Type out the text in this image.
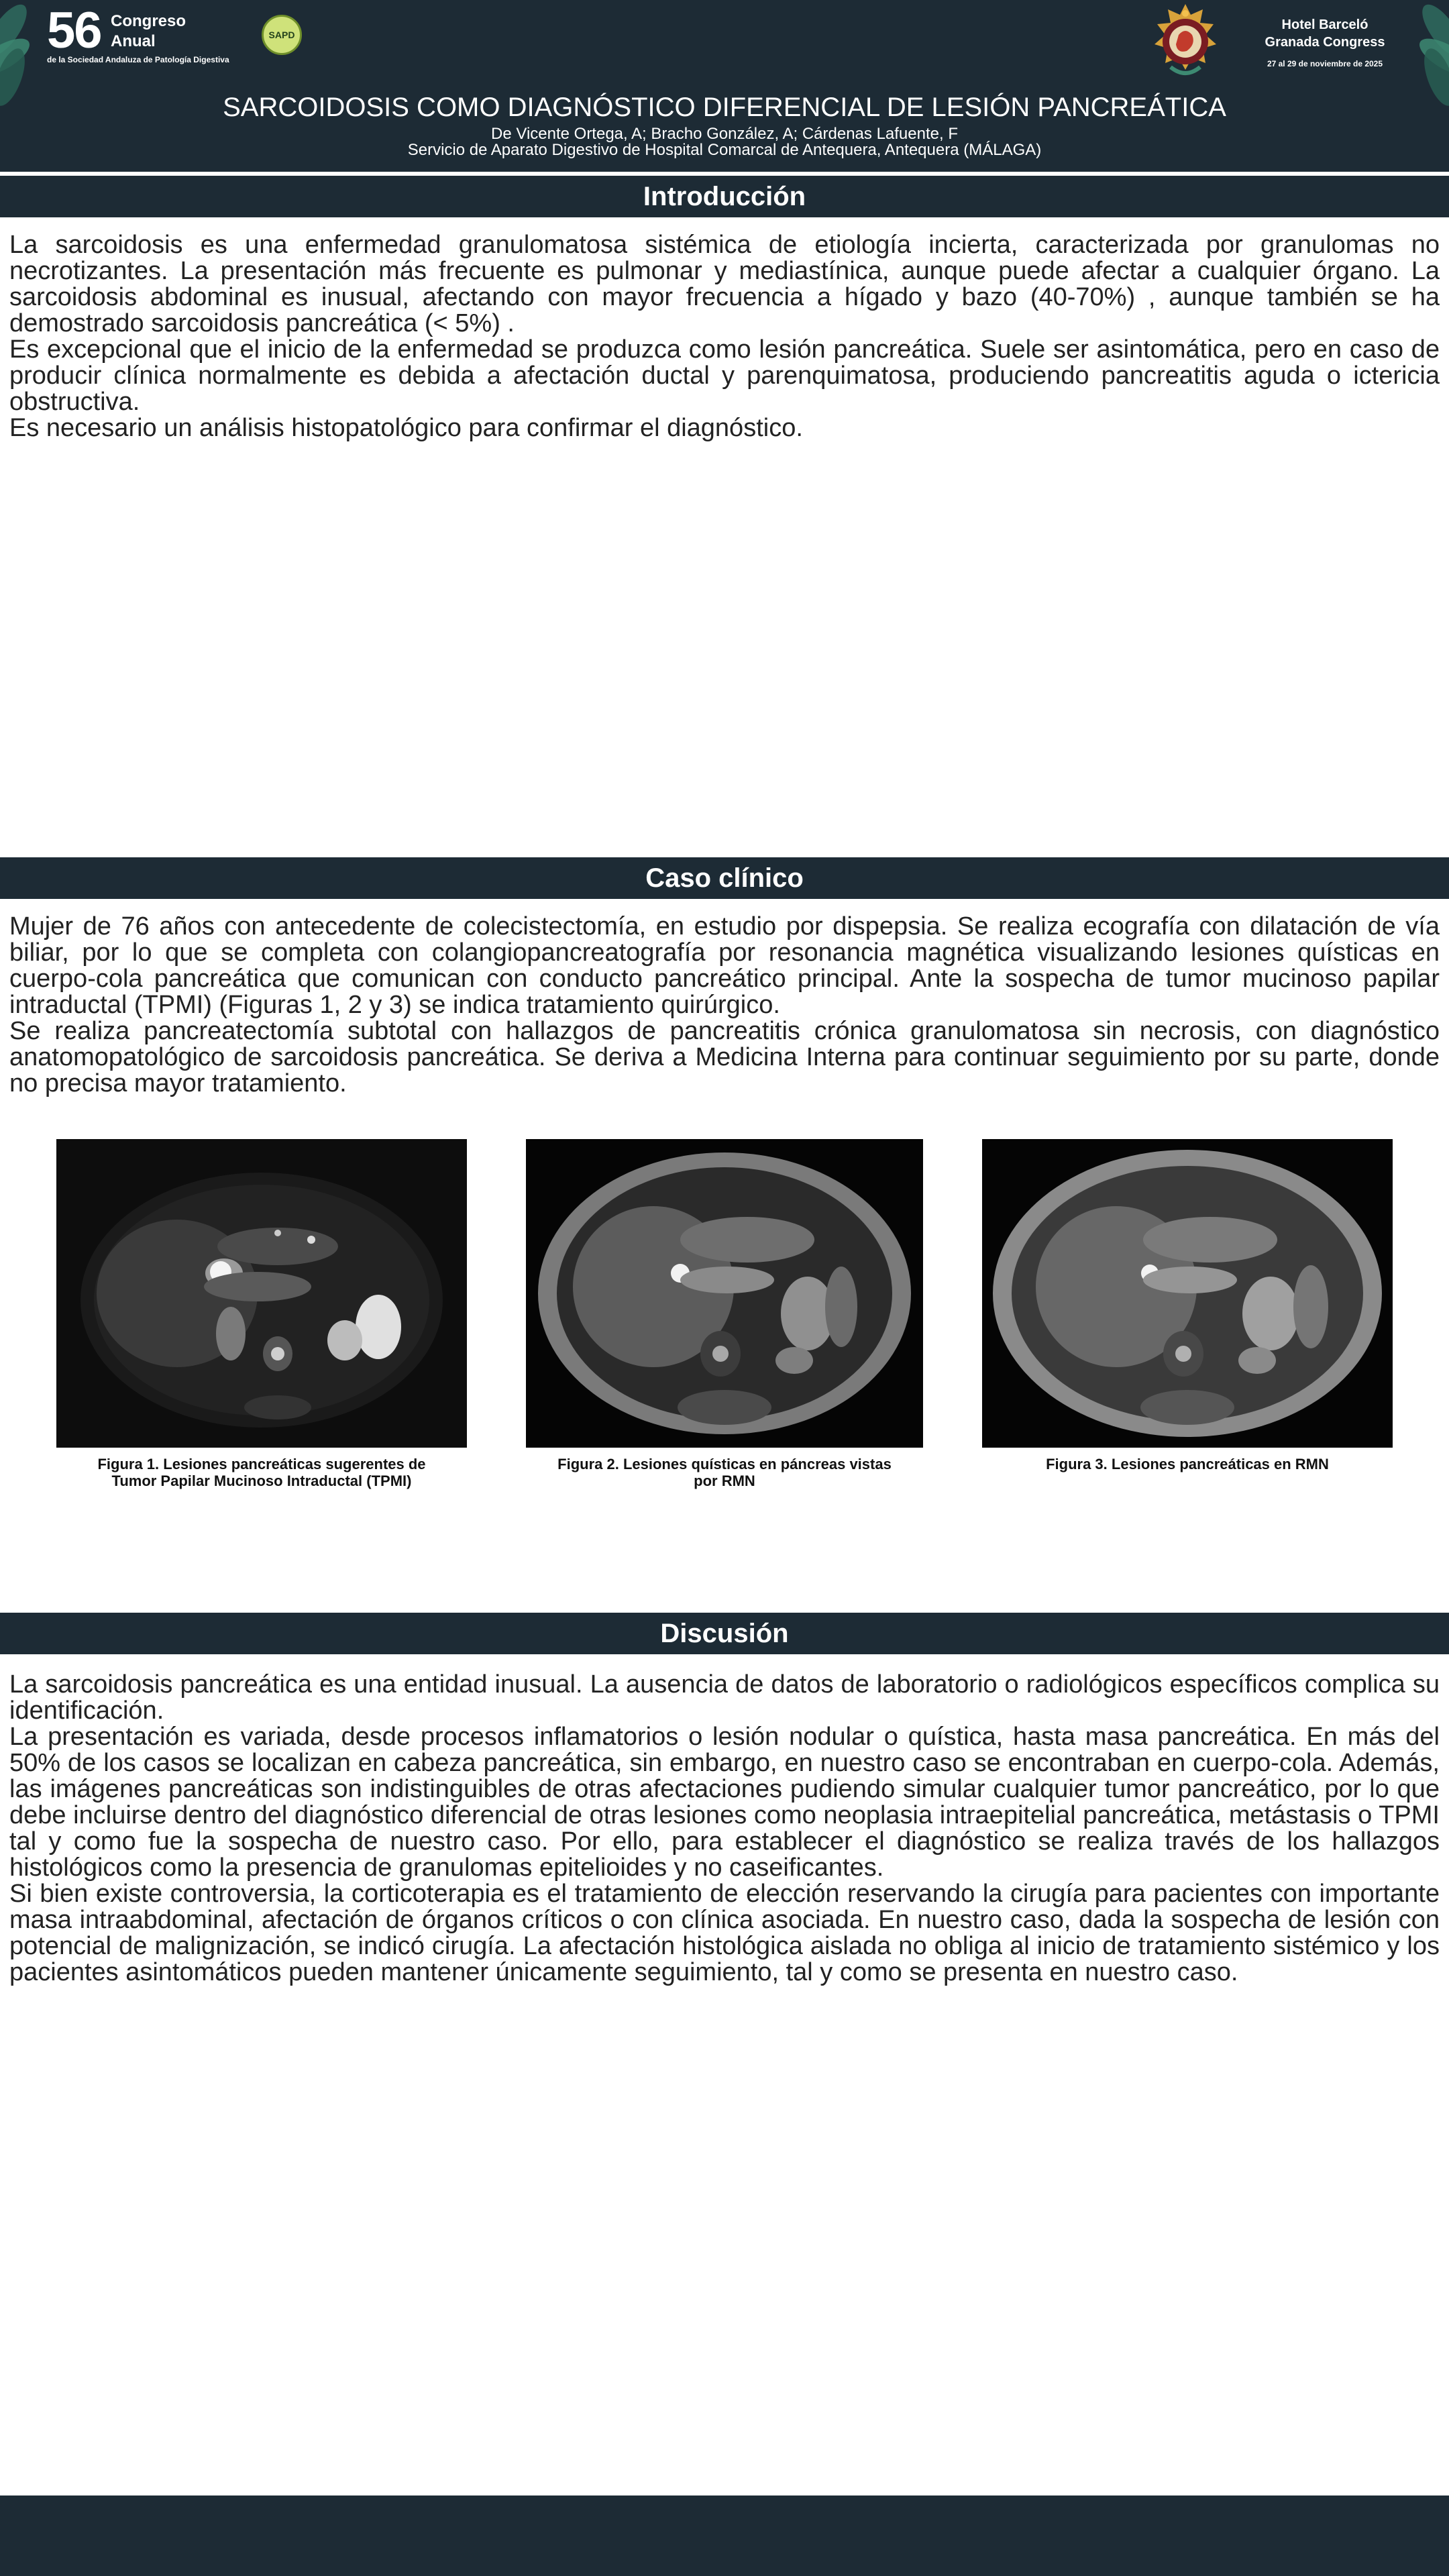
56 Congreso
Anual
de la Sociedad Andaluza de Patología Digestiva
SAPD
Hotel Barceló
Granada Congress
27 al 29 de noviembre de 2025
SARCOIDOSIS COMO DIAGNÓSTICO DIFERENCIAL DE LESIÓN PANCREÁTICA
De Vicente Ortega, A; Bracho González, A; Cárdenas Lafuente, F
Servicio de Aparato Digestivo de Hospital Comarcal de Antequera, Antequera (MÁLAGA)
Introducción

La sarcoidosis es una enfermedad granulomatosa sistémica de etiología incierta, caracterizada por granulomas no necrotizantes. La presentación más frecuente es pulmonar y mediastínica, aunque puede afectar a cualquier órgano. La sarcoidosis abdominal es inusual, afectando con mayor frecuencia a hígado y bazo (40-70%) , aunque también se ha demostrado sarcoidosis pancreática (< 5%) .

Es excepcional que el inicio de la enfermedad se produzca como lesión pancreática. Suele ser asintomática, pero en caso de producir clínica normalmente es debida a afectación ductal y parenquimatosa, produciendo pancreatitis aguda o ictericia obstructiva.

Es necesario un análisis histopatológico para confirmar el diagnóstico.

Caso clínico

Mujer de 76 años con antecedente de colecistectomía, en estudio por dispepsia. Se realiza ecografía con dilatación de vía biliar, por lo que se completa con colangiopancreatografía por resonancia magnética visualizando lesiones quísticas en cuerpo-cola pancreática que comunican con conducto pancreático principal. Ante la sospecha de tumor mucinoso papilar intraductal (TPMI) (Figuras 1, 2 y 3) se indica tratamiento quirúrgico.

Se realiza pancreatectomía subtotal con hallazgos de pancreatitis crónica granulomatosa sin necrosis, con diagnóstico anatomopatológico de sarcoidosis pancreática. Se deriva a Medicina Interna para continuar seguimiento por su parte, donde no precisa mayor tratamiento.

Figura 1. Lesiones pancreáticas sugerentes de
Tumor Papilar Mucinoso Intraductal (TPMI)
Figura 2. Lesiones quísticas en páncreas vistas
por RMN
Figura 3. Lesiones pancreáticas en RMN
Discusión

La sarcoidosis pancreática es una entidad inusual. La ausencia de datos de laboratorio o radiológicos específicos complica su identificación.

La presentación es variada, desde procesos inflamatorios o lesión nodular o quística, hasta masa pancreática. En más del 50% de los casos se localizan en cabeza pancreática, sin embargo, en nuestro caso se encontraban en cuerpo-cola. Además, las imágenes pancreáticas son indistinguibles de otras afectaciones pudiendo simular cualquier tumor pancreático, por lo que debe incluirse dentro del diagnóstico diferencial de otras lesiones como neoplasia intraepitelial pancreática, metástasis o TPMI tal y como fue la sospecha de nuestro caso. Por ello, para establecer el diagnóstico se realiza través de los hallazgos histológicos como la presencia de granulomas epitelioides y no caseificantes.

Si bien existe controversia, la corticoterapia es el tratamiento de elección reservando la cirugía para pacientes con importante masa intraabdominal, afectación de órganos críticos o con clínica asociada. En nuestro caso, dada la sospecha de lesión con potencial de malignización, se indicó cirugía. La afectación histológica aislada no obliga al inicio de tratamiento sistémico y los pacientes asintomáticos pueden mantener únicamente seguimiento, tal y como se presenta en nuestro caso.
